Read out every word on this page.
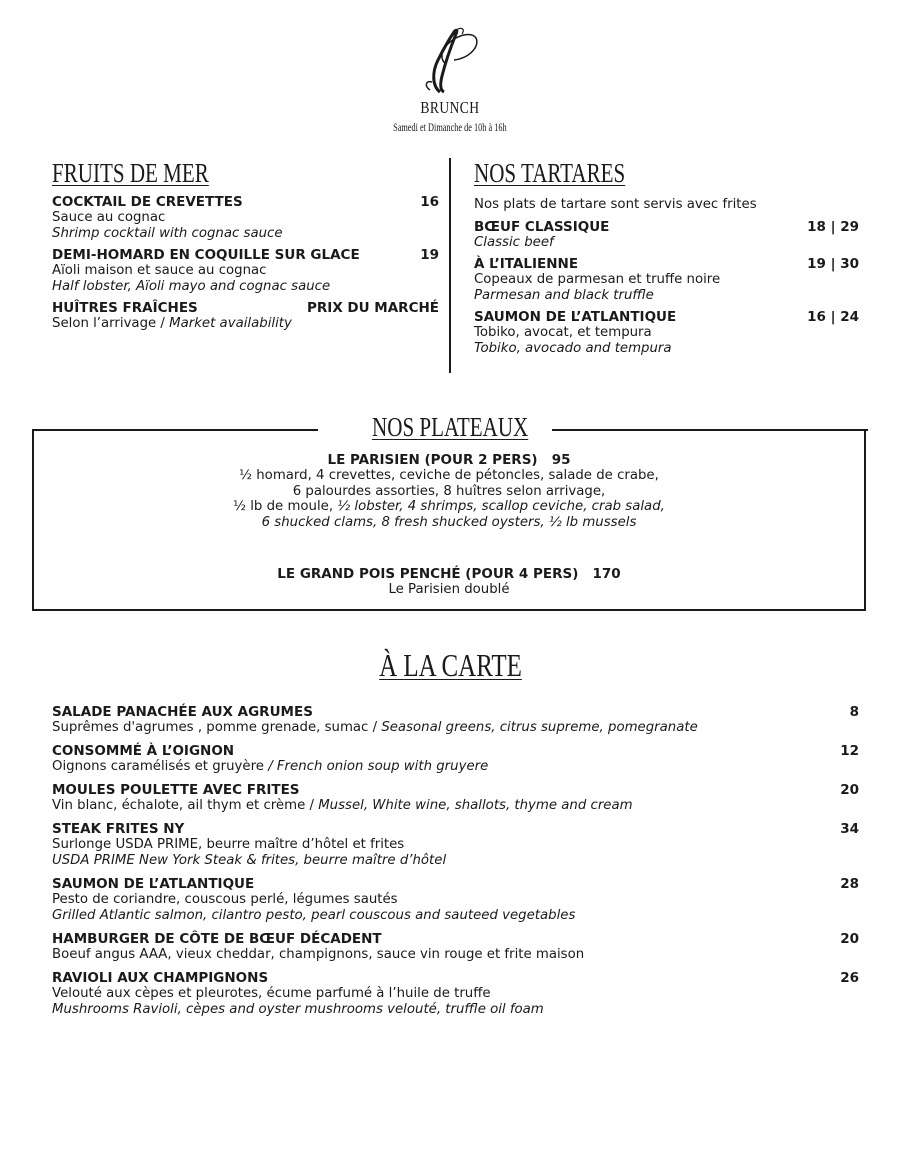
BRUNCH
Samedi et Dimanche de 10h à 16h
FRUITS DE MER
COCKTAIL DE CREVETTES	16
Sauce au cognac
Shrimp cocktail with cognac sauce
DEMI-HOMARD EN COQUILLE SUR GLACE	19
Aïoli maison et sauce au cognac
Half lobster, Aïoli mayo and cognac sauce
HUÎTRES FRAÎCHES	PRIX DU MARCHÉ
Selon l’arrivage / Market availability
NOS TARTARES
Nos plats de tartare sont servis avec frites
BŒUF CLASSIQUE	18 | 29
Classic beef
À L’ITALIENNE	19 | 30
Copeaux de parmesan et truffe noire
Parmesan and black truffle
SAUMON DE L’ATLANTIQUE	16 | 24
Tobiko, avocat, et tempura
Tobiko, avocado and tempura
NOS PLATEAUX
LE PARISIEN (POUR 2 PERS) 95
½ homard, 4 crevettes, ceviche de pétoncles, salade de crabe,
6 palourdes assorties, 8 huîtres selon arrivage,
½ lb de moule, ½ lobster, 4 shrimps, scallop ceviche, crab salad,
6 shucked clams, 8 fresh shucked oysters, ½ lb mussels
LE GRAND POIS PENCHÉ (POUR 4 PERS) 170
Le Parisien doublé
À LA CARTE
SALADE PANACHÉE AUX AGRUMES	8
Suprêmes d'agrumes , pomme grenade, sumac / Seasonal greens, citrus supreme, pomegranate
CONSOMMÉ À L’OIGNON	12
Oignons caramélisés et gruyère / French onion soup with gruyere
MOULES POULETTE AVEC FRITES	20
Vin blanc, échalote, ail thym et crème / Mussel, White wine, shallots, thyme and cream
STEAK FRITES NY	34
Surlonge USDA PRIME, beurre maître d’hôtel et frites
USDA PRIME New York Steak & frites, beurre maître d’hôtel
SAUMON DE L’ATLANTIQUE	28
Pesto de coriandre, couscous perlé, légumes sautés
Grilled Atlantic salmon, cilantro pesto, pearl couscous and sauteed vegetables
HAMBURGER DE CÔTE DE BŒUF DÉCADENT	20
Boeuf angus AAA, vieux cheddar, champignons, sauce vin rouge et frite maison
RAVIOLI AUX CHAMPIGNONS	26
Velouté aux cèpes et pleurotes, écume parfumé à l’huile de truffe
Mushrooms Ravioli, cèpes and oyster mushrooms velouté, truffle oil foam
